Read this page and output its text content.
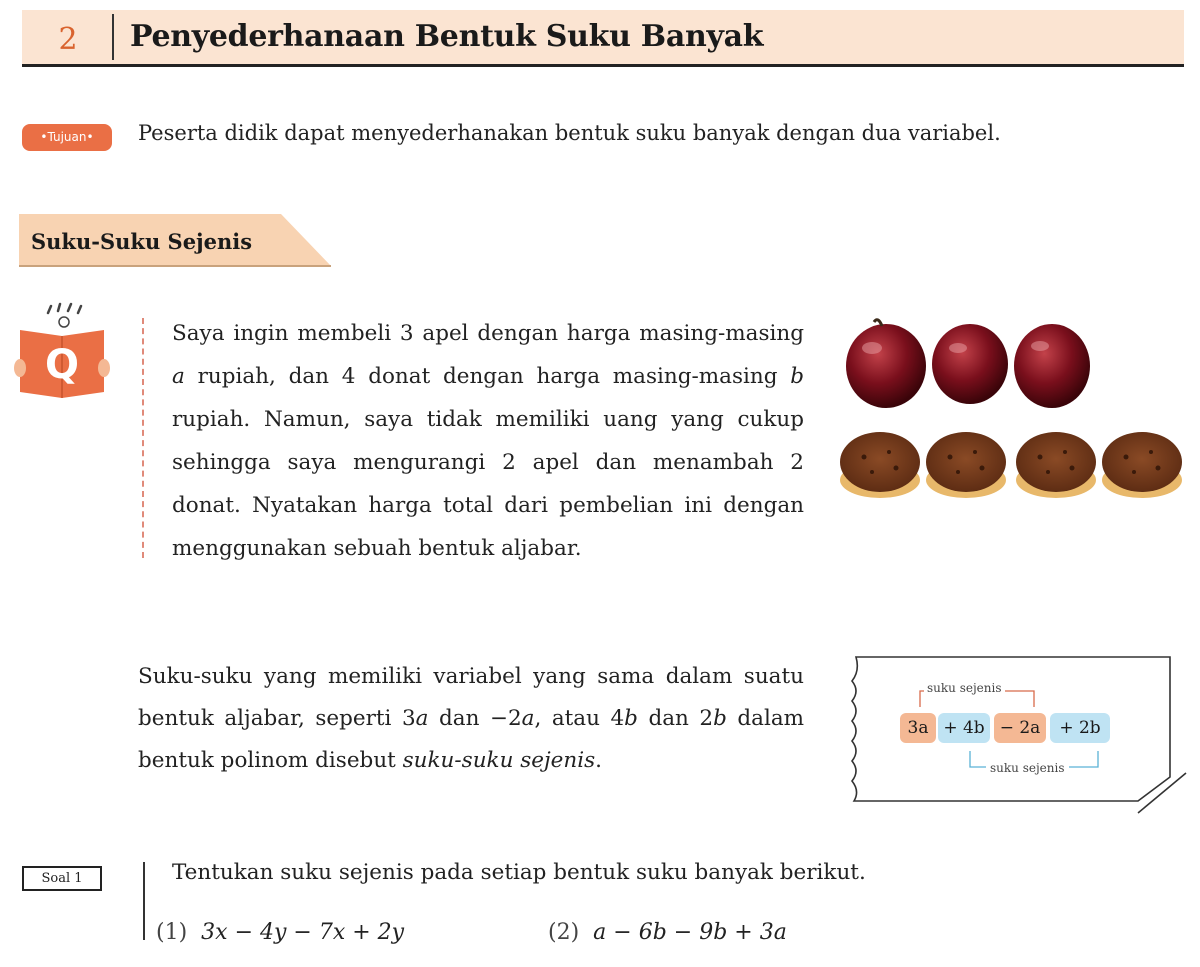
2	Penyederhanaan Bentuk Suku Banyak
•Tujuan•	Peserta didik dapat menyederhanakan bentuk suku banyak dengan dua variabel.
Suku-Suku Sejenis
Q
Saya ingin membeli 3 apel dengan harga masing-masing a rupiah, dan 4 donat dengan harga masing-masing b rupiah. Namun, saya tidak memiliki uang yang cukup sehingga saya mengurangi 2 apel dan menambah 2 donat. Nyatakan harga total dari pembelian ini dengan menggunakan sebuah bentuk aljabar.
Suku-suku yang memiliki variabel yang sama dalam suatu bentuk aljabar, seperti 3a dan −2a, atau 4b dan 2b dalam bentuk polinom disebut suku-suku sejenis.
suku sejenis
suku sejenis
3a + 4b − 2a	+ 2b
Soal 1	Tentukan suku sejenis pada setiap bentuk suku banyak berikut.
(1) 3x − 4y − 7x + 2y	(2) a − 6b − 9b + 3a
